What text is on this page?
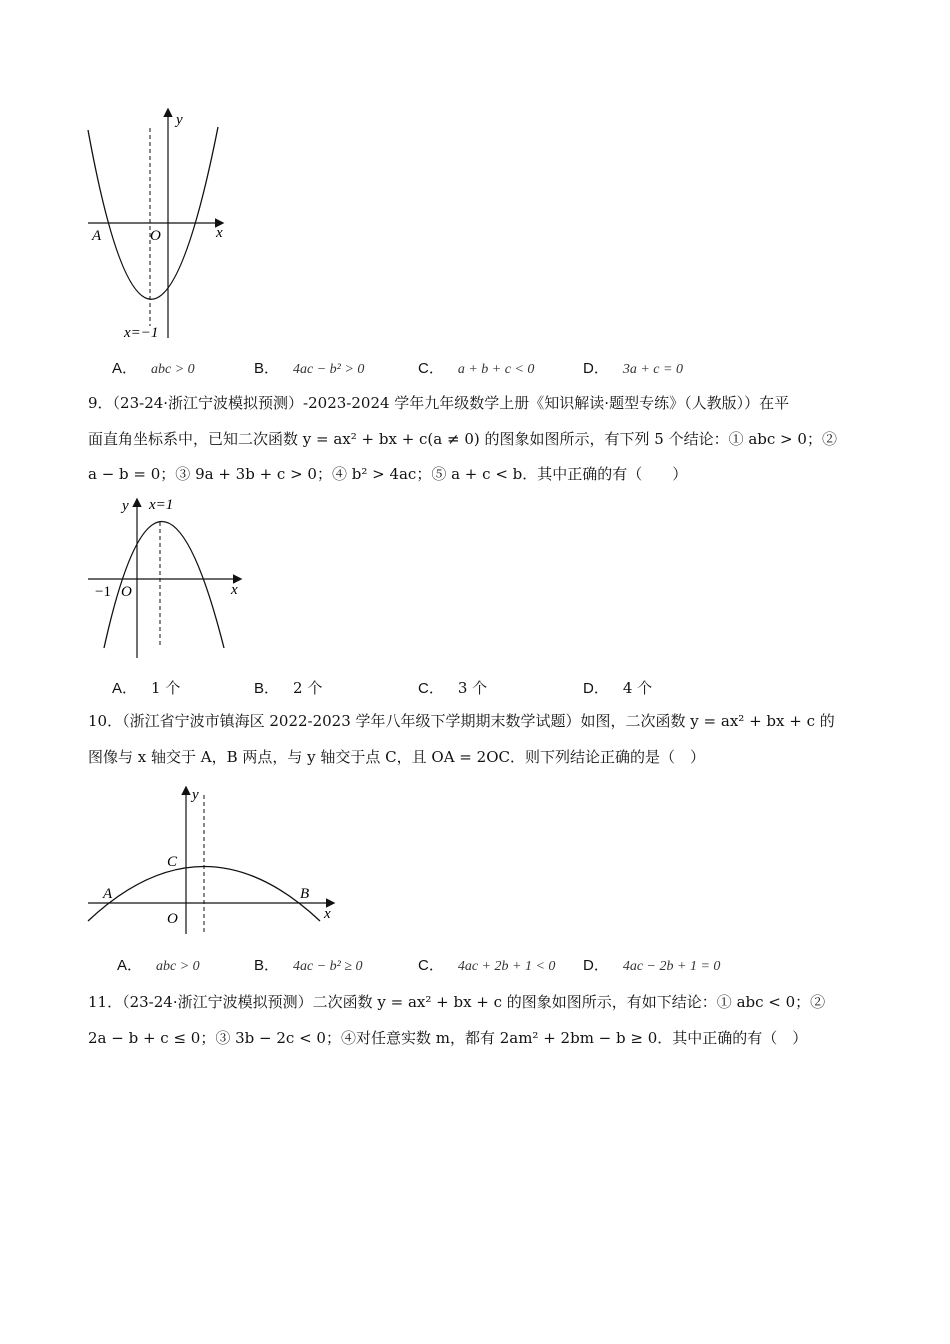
y
x
O
A
x=−1
A． abc > 0	B． 4ac − b² > 0	C． a + b + c < 0	D． 3a + c = 0
9．（23-24·浙江宁波模拟预测）-2023-2024 学年九年级数学上册《知识解读·题型专练》（人教版））在平
面直角坐标系中，已知二次函数 y = ax² + bx + c(a ≠ 0) 的图象如图所示，有下列 5 个结论：① abc > 0；②
a − b = 0；③ 9a + 3b + c > 0；④ b² > 4ac；⑤ a + c < b．其中正确的有（　　）
y x=1
−1 O	x
A． 1 个	B． 2 个	C． 3 个	D． 4 个
10．（浙江省宁波市镇海区 2022-2023 学年八年级下学期期末数学试题）如图，二次函数 y = ax² + bx + c 的
图像与 x 轴交于 A，B 两点，与 y 轴交于点 C，且 OA = 2OC．则下列结论正确的是（　）
y
C
A	B
O	x
A． abc > 0	B． 4ac − b² ≥ 0	C． 4ac + 2b + 1 < 0 D． 4ac − 2b + 1 = 0
11．（23-24·浙江宁波模拟预测）二次函数 y = ax² + bx + c 的图象如图所示，有如下结论：① abc < 0；②
2a − b + c ≤ 0；③ 3b − 2c < 0；④对任意实数 m，都有 2am² + 2bm − b ≥ 0．其中正确的有（　）
